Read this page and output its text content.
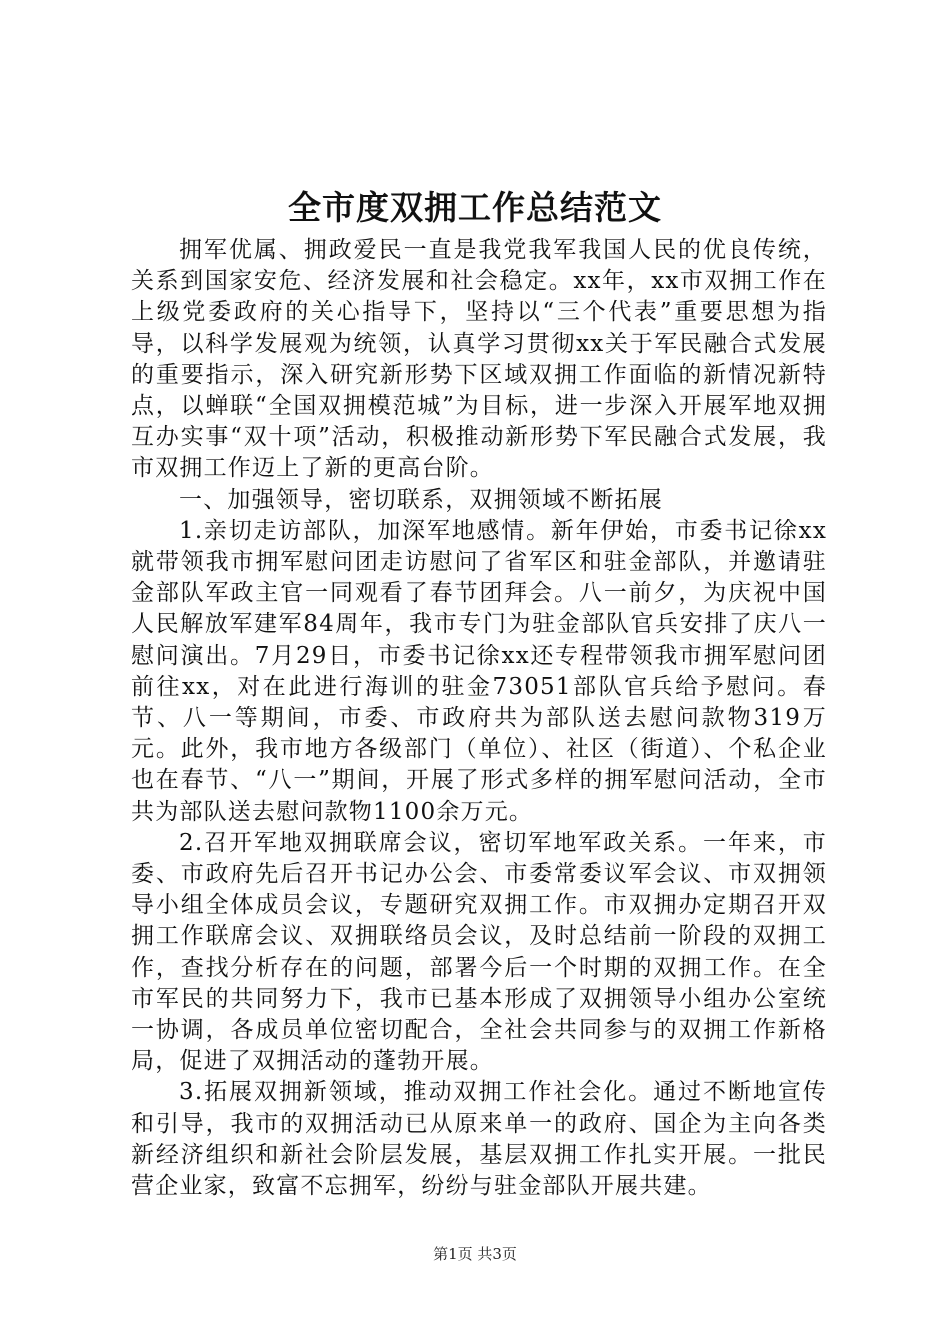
全市度双拥工作总结范文

拥军优属、拥政爱民一直是我党我军我国人民的优良传统，关系到国家安危、经济发展和社会稳定。xx年，xx市双拥工作在上级党委政府的关心指导下，坚持以“三个代表”重要思想为指导，以科学发展观为统领，认真学习贯彻xx关于军民融合式发展的重要指示，深入研究新形势下区域双拥工作面临的新情况新特点，以蝉联“全国双拥模范城”为目标，进一步深入开展军地双拥互办实事“双十项”活动，积极推动新形势下军民融合式发展，我市双拥工作迈上了新的更高台阶。

一、加强领导，密切联系，双拥领域不断拓展

1.亲切走访部队，加深军地感情。新年伊始，市委书记徐xx就带领我市拥军慰问团走访慰问了省军区和驻金部队，并邀请驻金部队军政主官一同观看了春节团拜会。八一前夕，为庆祝中国人民解放军建军84周年，我市专门为驻金部队官兵安排了庆八一慰问演出。7月29日，市委书记徐xx还专程带领我市拥军慰问团前往xx，对在此进行海训的驻金73051部队官兵给予慰问。春节、八一等期间，市委、市政府共为部队送去慰问款物319万元。此外，我市地方各级部门（单位）、社区（街道）、个私企业也在春节、“八一”期间，开展了形式多样的拥军慰问活动，全市共为部队送去慰问款物1100余万元。

2.召开军地双拥联席会议，密切军地军政关系。一年来，市委、市政府先后召开书记办公会、市委常委议军会议、市双拥领导小组全体成员会议，专题研究双拥工作。市双拥办定期召开双拥工作联席会议、双拥联络员会议，及时总结前一阶段的双拥工作，查找分析存在的问题，部署今后一个时期的双拥工作。在全市军民的共同努力下，我市已基本形成了双拥领导小组办公室统一协调，各成员单位密切配合，全社会共同参与的双拥工作新格局，促进了双拥活动的蓬勃开展。

3.拓展双拥新领域，推动双拥工作社会化。通过不断地宣传和引导，我市的双拥活动已从原来单一的政府、国企为主向各类新经济组织和新社会阶层发展，基层双拥工作扎实开展。一批民营企业家，致富不忘拥军，纷纷与驻金部队开展共建。

第1页 共3页
